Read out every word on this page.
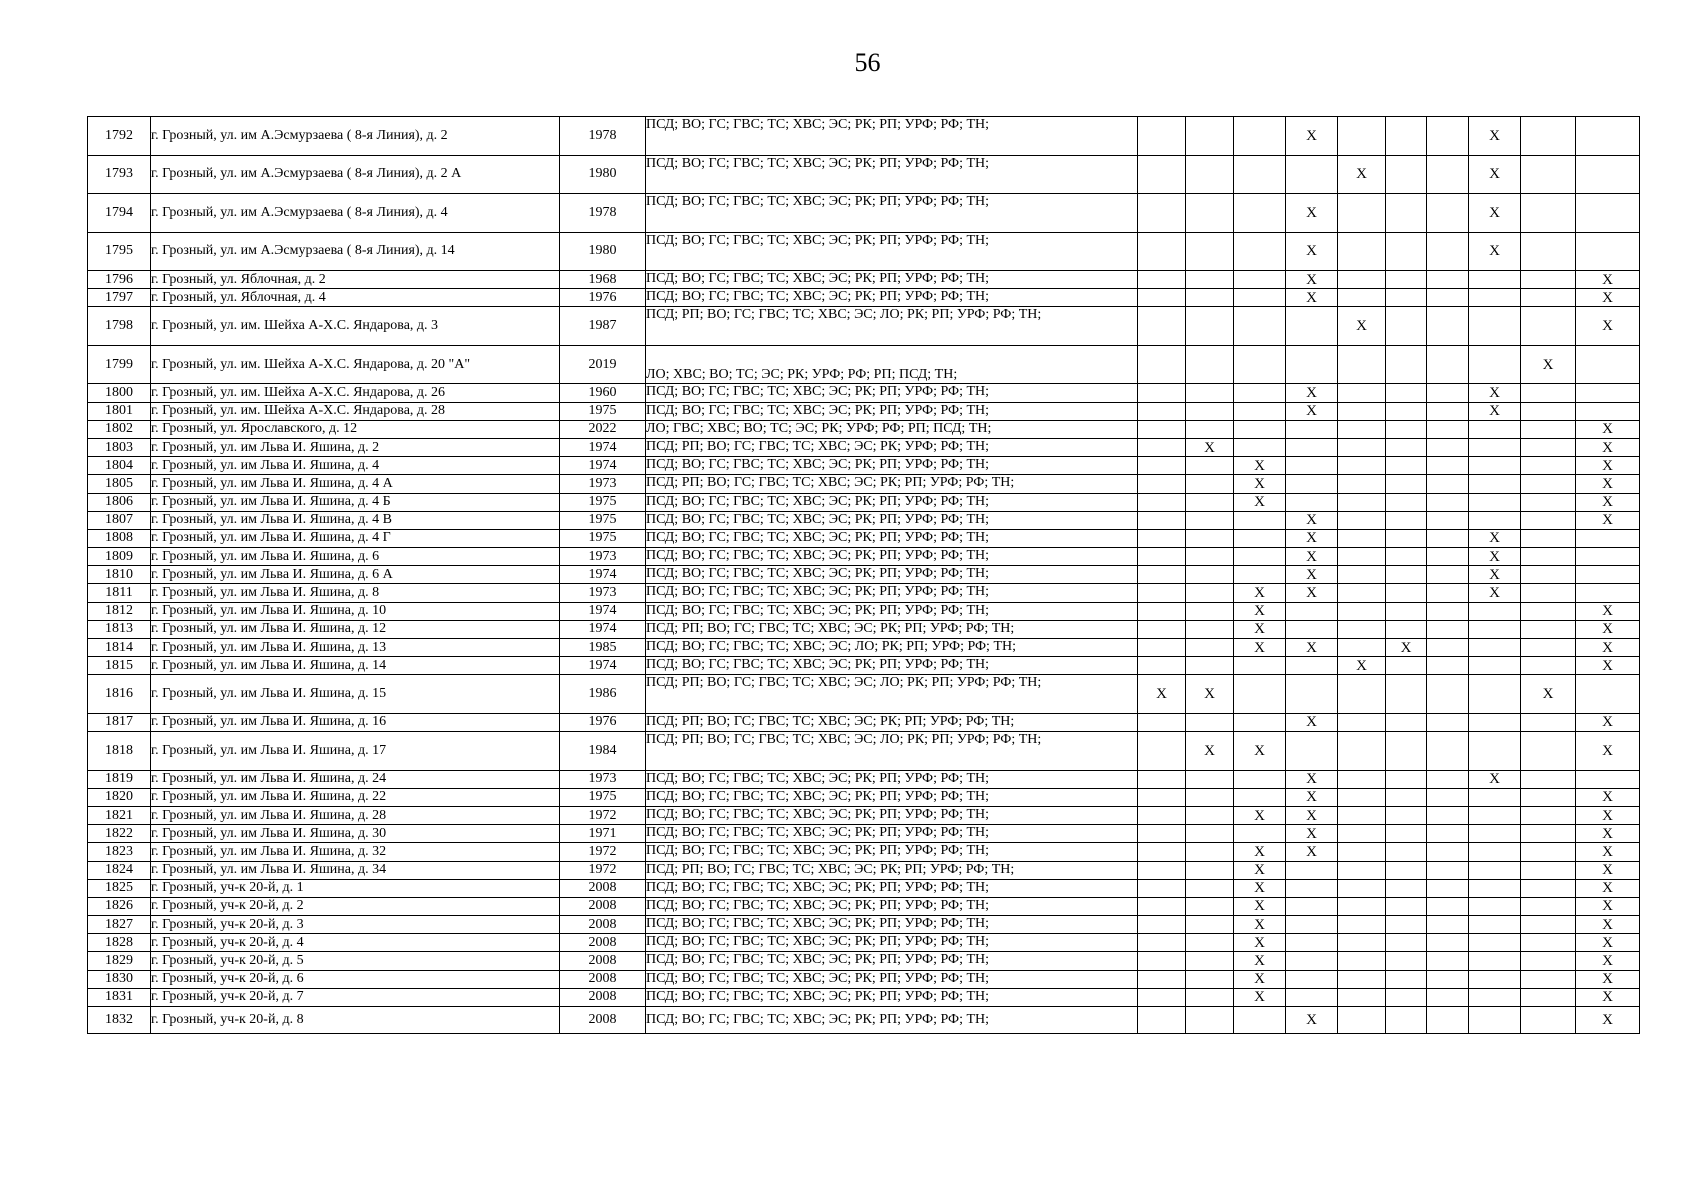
56
1792	г. Грозный, ул. им А.Эсмурзаева ( 8-я Линия), д. 2	1978	ПСД; ВО; ГС; ГВС; ТС; ХВС; ЭС; РК; РП; УРФ; РФ; ТН;				X				X		
1793	г. Грозный, ул. им А.Эсмурзаева ( 8-я Линия), д. 2 А	1980	ПСД; ВО; ГС; ГВС; ТС; ХВС; ЭС; РК; РП; УРФ; РФ; ТН;					X			X		
1794	г. Грозный, ул. им А.Эсмурзаева ( 8-я Линия), д. 4	1978	ПСД; ВО; ГС; ГВС; ТС; ХВС; ЭС; РК; РП; УРФ; РФ; ТН;				X				X		
1795	г. Грозный, ул. им А.Эсмурзаева ( 8-я Линия), д. 14	1980	ПСД; ВО; ГС; ГВС; ТС; ХВС; ЭС; РК; РП; УРФ; РФ; ТН;				X				X		
1796	г. Грозный, ул. Яблочная, д. 2	1968	ПСД; ВО; ГС; ГВС; ТС; ХВС; ЭС; РК; РП; УРФ; РФ; ТН;				X						X
1797	г. Грозный, ул. Яблочная, д. 4	1976	ПСД; ВО; ГС; ГВС; ТС; ХВС; ЭС; РК; РП; УРФ; РФ; ТН;				X						X
1798	г. Грозный, ул. им. Шейха А-Х.С. Яндарова, д. 3	1987	ПСД; РП; ВО; ГС; ГВС; ТС; ХВС; ЭС; ЛО; РК; РП; УРФ; РФ; ТН;					X					X
1799	г. Грозный, ул. им. Шейха А-Х.С. Яндарова, д. 20 "А"	2019	ЛО; ХВС; ВО; ТС; ЭС; РК; УРФ; РФ; РП; ПСД; ТН;									X	
1800	г. Грозный, ул. им. Шейха А-Х.С. Яндарова, д. 26	1960	ПСД; ВО; ГС; ГВС; ТС; ХВС; ЭС; РК; РП; УРФ; РФ; ТН;				X				X		
1801	г. Грозный, ул. им. Шейха А-Х.С. Яндарова, д. 28	1975	ПСД; ВО; ГС; ГВС; ТС; ХВС; ЭС; РК; РП; УРФ; РФ; ТН;				X				X		
1802	г. Грозный, ул. Ярославского, д. 12	2022	ЛО; ГВС; ХВС; ВО; ТС; ЭС; РК; УРФ; РФ; РП; ПСД; ТН;										X
1803	г. Грозный, ул. им Льва И. Яшина, д. 2	1974	ПСД; РП; ВО; ГС; ГВС; ТС; ХВС; ЭС; РК; УРФ; РФ; ТН;		X								X
1804	г. Грозный, ул. им Льва И. Яшина, д. 4	1974	ПСД; ВО; ГС; ГВС; ТС; ХВС; ЭС; РК; РП; УРФ; РФ; ТН;			X							X
1805	г. Грозный, ул. им Льва И. Яшина, д. 4 А	1973	ПСД; РП; ВО; ГС; ГВС; ТС; ХВС; ЭС; РК; РП; УРФ; РФ; ТН;			X							X
1806	г. Грозный, ул. им Льва И. Яшина, д. 4 Б	1975	ПСД; ВО; ГС; ГВС; ТС; ХВС; ЭС; РК; РП; УРФ; РФ; ТН;			X							X
1807	г. Грозный, ул. им Льва И. Яшина, д. 4 В	1975	ПСД; ВО; ГС; ГВС; ТС; ХВС; ЭС; РК; РП; УРФ; РФ; ТН;				X						X
1808	г. Грозный, ул. им Льва И. Яшина, д. 4 Г	1975	ПСД; ВО; ГС; ГВС; ТС; ХВС; ЭС; РК; РП; УРФ; РФ; ТН;				X				X		
1809	г. Грозный, ул. им Льва И. Яшина, д. 6	1973	ПСД; ВО; ГС; ГВС; ТС; ХВС; ЭС; РК; РП; УРФ; РФ; ТН;				X				X		
1810	г. Грозный, ул. им Льва И. Яшина, д. 6 А	1974	ПСД; ВО; ГС; ГВС; ТС; ХВС; ЭС; РК; РП; УРФ; РФ; ТН;				X				X		
1811	г. Грозный, ул. им Льва И. Яшина, д. 8	1973	ПСД; ВО; ГС; ГВС; ТС; ХВС; ЭС; РК; РП; УРФ; РФ; ТН;			X	X				X		
1812	г. Грозный, ул. им Льва И. Яшина, д. 10	1974	ПСД; ВО; ГС; ГВС; ТС; ХВС; ЭС; РК; РП; УРФ; РФ; ТН;			X							X
1813	г. Грозный, ул. им Льва И. Яшина, д. 12	1974	ПСД; РП; ВО; ГС; ГВС; ТС; ХВС; ЭС; РК; РП; УРФ; РФ; ТН;			X							X
1814	г. Грозный, ул. им Льва И. Яшина, д. 13	1985	ПСД; ВО; ГС; ГВС; ТС; ХВС; ЭС; ЛО; РК; РП; УРФ; РФ; ТН;			X	X		X				X
1815	г. Грозный, ул. им Льва И. Яшина, д. 14	1974	ПСД; ВО; ГС; ГВС; ТС; ХВС; ЭС; РК; РП; УРФ; РФ; ТН;					X					X
1816	г. Грозный, ул. им Льва И. Яшина, д. 15	1986	ПСД; РП; ВО; ГС; ГВС; ТС; ХВС; ЭС; ЛО; РК; РП; УРФ; РФ; ТН;	X	X							X	
1817	г. Грозный, ул. им Льва И. Яшина, д. 16	1976	ПСД; РП; ВО; ГС; ГВС; ТС; ХВС; ЭС; РК; РП; УРФ; РФ; ТН;				X						X
1818	г. Грозный, ул. им Льва И. Яшина, д. 17	1984	ПСД; РП; ВО; ГС; ГВС; ТС; ХВС; ЭС; ЛО; РК; РП; УРФ; РФ; ТН;		X	X							X
1819	г. Грозный, ул. им Льва И. Яшина, д. 24	1973	ПСД; ВО; ГС; ГВС; ТС; ХВС; ЭС; РК; РП; УРФ; РФ; ТН;				X				X		
1820	г. Грозный, ул. им Льва И. Яшина, д. 22	1975	ПСД; ВО; ГС; ГВС; ТС; ХВС; ЭС; РК; РП; УРФ; РФ; ТН;				X						X
1821	г. Грозный, ул. им Льва И. Яшина, д. 28	1972	ПСД; ВО; ГС; ГВС; ТС; ХВС; ЭС; РК; РП; УРФ; РФ; ТН;			X	X						X
1822	г. Грозный, ул. им Льва И. Яшина, д. 30	1971	ПСД; ВО; ГС; ГВС; ТС; ХВС; ЭС; РК; РП; УРФ; РФ; ТН;				X						X
1823	г. Грозный, ул. им Льва И. Яшина, д. 32	1972	ПСД; ВО; ГС; ГВС; ТС; ХВС; ЭС; РК; РП; УРФ; РФ; ТН;			X	X						X
1824	г. Грозный, ул. им Льва И. Яшина, д. 34	1972	ПСД; РП; ВО; ГС; ГВС; ТС; ХВС; ЭС; РК; РП; УРФ; РФ; ТН;			X							X
1825	г. Грозный, уч-к 20-й, д. 1	2008	ПСД; ВО; ГС; ГВС; ТС; ХВС; ЭС; РК; РП; УРФ; РФ; ТН;			X							X
1826	г. Грозный, уч-к 20-й, д. 2	2008	ПСД; ВО; ГС; ГВС; ТС; ХВС; ЭС; РК; РП; УРФ; РФ; ТН;			X							X
1827	г. Грозный, уч-к 20-й, д. 3	2008	ПСД; ВО; ГС; ГВС; ТС; ХВС; ЭС; РК; РП; УРФ; РФ; ТН;			X							X
1828	г. Грозный, уч-к 20-й, д. 4	2008	ПСД; ВО; ГС; ГВС; ТС; ХВС; ЭС; РК; РП; УРФ; РФ; ТН;			X							X
1829	г. Грозный, уч-к 20-й, д. 5	2008	ПСД; ВО; ГС; ГВС; ТС; ХВС; ЭС; РК; РП; УРФ; РФ; ТН;			X							X
1830	г. Грозный, уч-к 20-й, д. 6	2008	ПСД; ВО; ГС; ГВС; ТС; ХВС; ЭС; РК; РП; УРФ; РФ; ТН;			X							X
1831	г. Грозный, уч-к 20-й, д. 7	2008	ПСД; ВО; ГС; ГВС; ТС; ХВС; ЭС; РК; РП; УРФ; РФ; ТН;			X							X
1832	г. Грозный, уч-к 20-й, д. 8	2008	ПСД; ВО; ГС; ГВС; ТС; ХВС; ЭС; РК; РП; УРФ; РФ; ТН;				X						X
